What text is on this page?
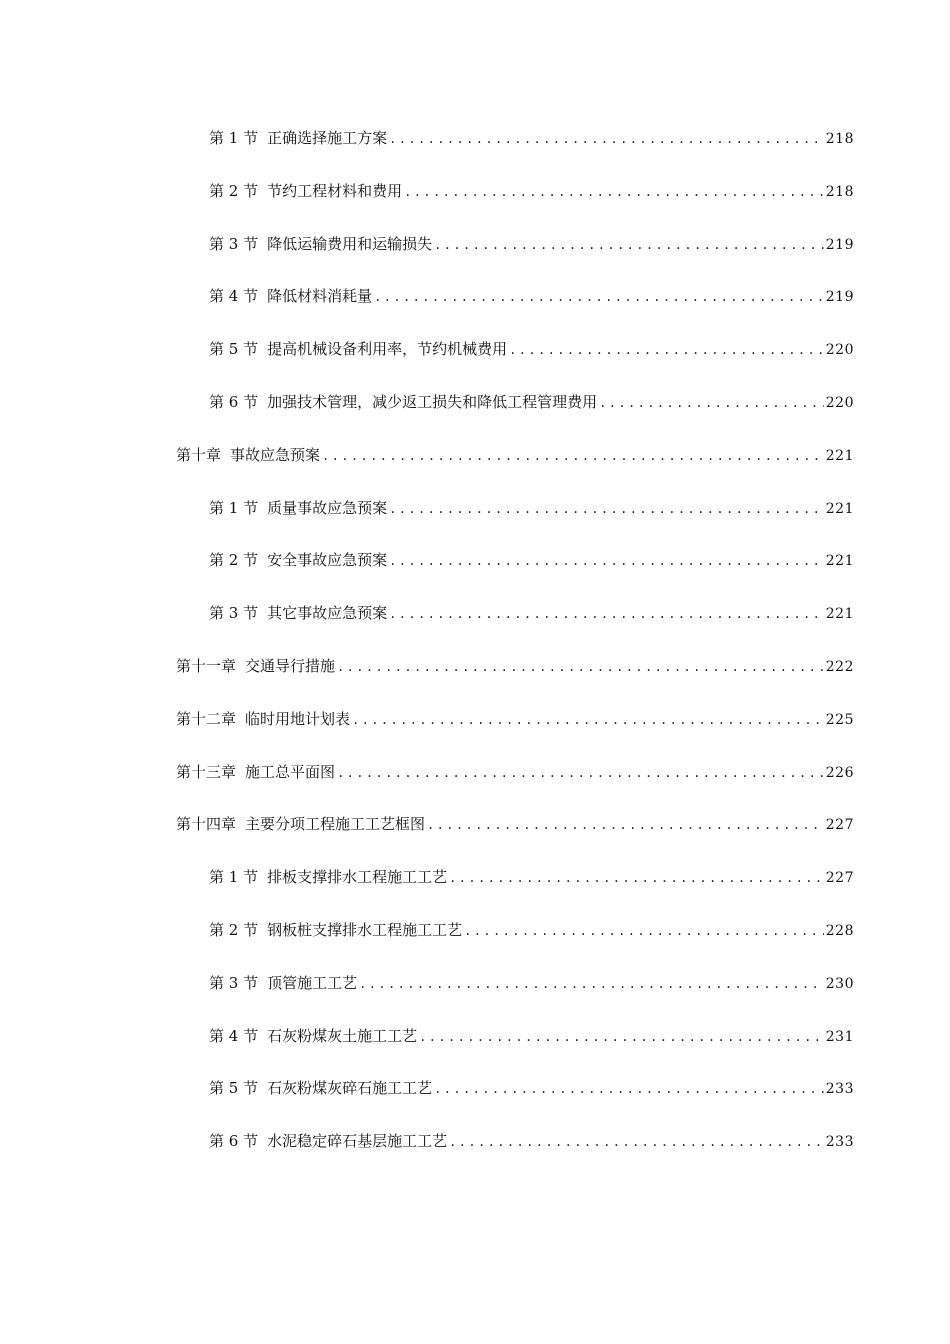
第 1 节 正确选择施工方案 .....	218
第 2 节 节约工程材料和费用 .....	218
第 3 节 降低运输费用和运输损失 .....	219
第 4 节 降低材料消耗量 .....	219
第 5 节 提高机械设备利用率，节约机械费用 .....	220
第 6 节 加强技术管理，减少返工损失和降低工程管理费用 .....	220
第十章 事故应急预案 .....	221
第 1 节 质量事故应急预案 .....	221
第 2 节 安全事故应急预案 .....	221
第 3 节 其它事故应急预案 .....	221
第十一章 交通导行措施 .....	222
第十二章 临时用地计划表 .....	225
第十三章 施工总平面图 .....	226
第十四章 主要分项工程施工工艺框图 .....	227
第 1 节 排板支撑排水工程施工工艺 .....	227
第 2 节 钢板桩支撑排水工程施工工艺 .....	228
第 3 节 顶管施工工艺 .....	230
第 4 节 石灰粉煤灰土施工工艺 .....	231
第 5 节 石灰粉煤灰碎石施工工艺 .....	233
第 6 节 水泥稳定碎石基层施工工艺 .....	233
